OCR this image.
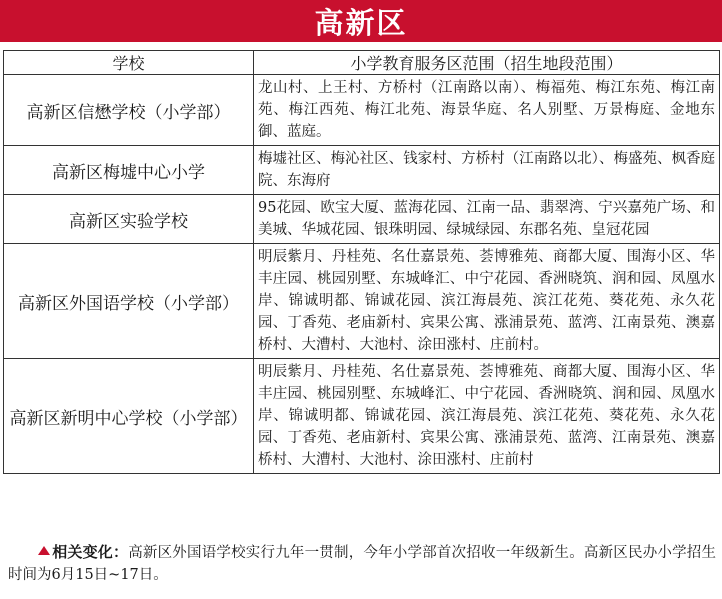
高新区
学校	小学教育服务区范围（招生地段范围）
高新区信懋学校（小学部）	龙山村、上王村、方桥村（江南路以南）、梅福苑、梅江东苑、梅江南苑、梅江西苑、梅江北苑、海景华庭、名人别墅、万景梅庭、金地东御、蓝庭。
高新区梅墟中心小学	梅墟社区、梅沁社区、钱家村、方桥村（江南路以北）、梅盛苑、枫香庭院、东海府
高新区实验学校	95花园、欧宝大厦、蓝海花园、江南一品、翡翠湾、宁兴嘉苑广场、和美城、华城花园、银珠明园、绿城绿园、东郡名苑、皇冠花园
高新区外国语学校（小学部）	明辰紫月、丹桂苑、名仕嘉景苑、荟博雅苑、商都大厦、围海小区、华丰庄园、桃园别墅、东城峰汇、中宁花园、香洲晓筑、润和园、凤凰水岸、锦诚明都、锦诚花园、滨江海晨苑、滨江花苑、葵花苑、永久花园、丁香苑、老庙新村、宾果公寓、涨浦景苑、蓝湾、江南景苑、澳嘉桥村、大漕村、大池村、涂田涨村、庄前村。
高新区新明中心学校（小学部）	明辰紫月、丹桂苑、名仕嘉景苑、荟博雅苑、商都大厦、围海小区、华丰庄园、桃园别墅、东城峰汇、中宁花园、香洲晓筑、润和园、凤凰水岸、锦诚明都、锦诚花园、滨江海晨苑、滨江花苑、葵花苑、永久花园、丁香苑、老庙新村、宾果公寓、涨浦景苑、蓝湾、江南景苑、澳嘉桥村、大漕村、大池村、涂田涨村、庄前村
相关变化：高新区外国语学校实行九年一贯制，今年小学部首次招收一年级新生。高新区民办小学招生时间为6月15日~17日。
